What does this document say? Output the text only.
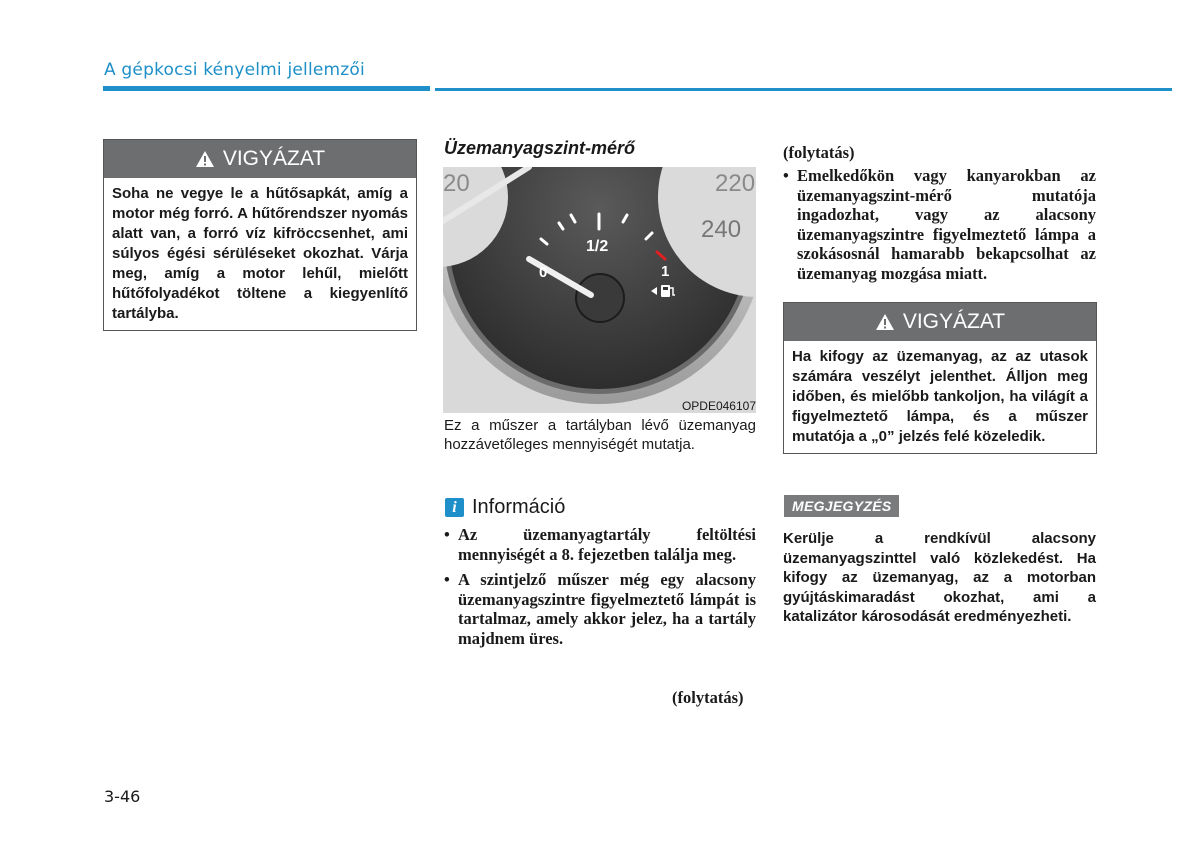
A gépkocsi kényelmi jellemzői
VIGYÁZAT
Soha ne vegye le a hűtősapkát, amíg a motor még forró. A hűtőrendszer nyomás alatt van, a forró víz kifröccsenhet, ami súlyos égési sérüléseket okozhat. Várja meg, amíg a motor lehűl, mielőtt hűtőfolyadékot töltene a kiegyenlítő tartályba.
Üzemanyagszint-mérő
0
1/2
1
20	220
240
OPDE046107
Ez a műszer a tartályban lévő üzemanyag hozzávetőleges mennyiségét mutatja.
i Információ
• Az üzemanyagtartály feltöltési mennyiségét a 8. fejezetben találja meg.
• A szintjelző műszer még egy alacsony üzemanyagszintre figyelmeztető lámpát is tartalmaz, amely akkor jelez, ha a tartály majdnem üres.
(folytatás)
(folytatás)
• Emelkedőkön vagy kanyarokban az üzemanyagszint-mérő mutatója ingadozhat, vagy az alacsony üzemanyagszintre figyelmeztető lámpa a szokásosnál hamarabb bekapcsolhat az üzemanyag mozgása miatt.
VIGYÁZAT
Ha kifogy az üzemanyag, az az utasok számára veszélyt jelenthet. Álljon meg időben, és mielőbb tankoljon, ha világít a figyelmeztető lámpa, és a műszer mutatója a „0” jelzés felé közeledik.
MEGJEGYZÉS
Kerülje a rendkívül alacsony üzemanyagszinttel való közlekedést. Ha kifogy az üzemanyag, az a motorban gyújtáskimaradást okozhat, ami a katalizátor károsodását eredményezheti.
3-46
